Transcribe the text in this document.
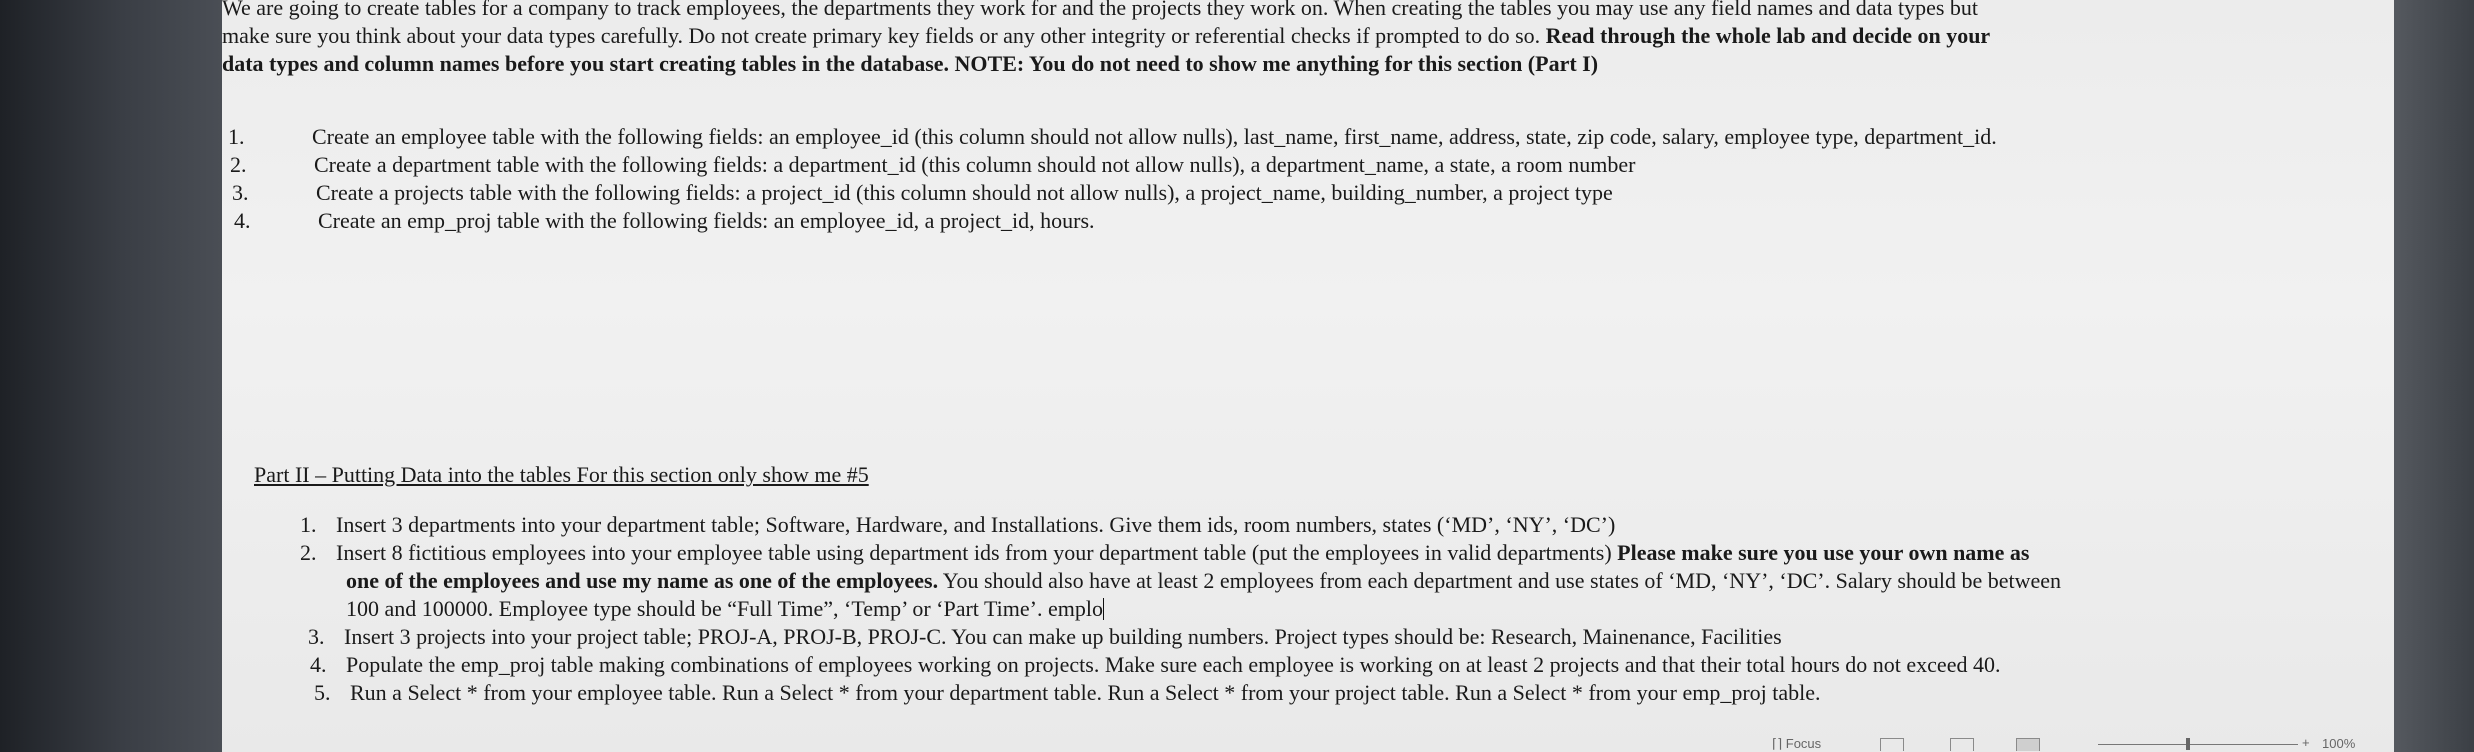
We are going to create tables for a company to track employees, the departments they work for and the projects they work on. When creating the tables you may use any field names and data types but
make sure you think about your data types carefully. Do not create primary key fields or any other integrity or referential checks if prompted to do so. Read through the whole lab and decide on your
data types and column names before you start creating tables in the database. NOTE: You do not need to show me anything for this section (Part I)
1.	Create an employee table with the following fields: an employee_id (this column should not allow nulls), last_name, first_name, address, state, zip code, salary, employee type, department_id.
2.	Create a department table with the following fields: a department_id (this column should not allow nulls), a department_name, a state, a room number
3.	Create a projects table with the following fields: a project_id (this column should not allow nulls), a project_name, building_number, a project type
4.	Create an emp_proj table with the following fields: an employee_id, a project_id, hours.
Part II – Putting Data into the tables For this section only show me #5
1. Insert 3 departments into your department table; Software, Hardware, and Installations. Give them ids, room numbers, states (‘MD’, ‘NY’, ‘DC’)
2. Insert 8 fictitious employees into your employee table using department ids from your department table (put the employees in valid departments) Please make sure you use your own name as
one of the employees and use my name as one of the employees. You should also have at least 2 employees from each department and use states of ‘MD, ‘NY’, ‘DC’. Salary should be between
100 and 100000. Employee type should be “Full Time”, ‘Temp’ or ‘Part Time’. emplo
3. Insert 3 projects into your project table; PROJ-A, PROJ-B, PROJ-C. You can make up building numbers. Project types should be: Research, Mainenance, Facilities
4. Populate the emp_proj table making combinations of employees working on projects. Make sure each employee is working on at least 2 projects and that their total hours do not exceed 40.
5. Run a Select * from your employee table. Run a Select * from your department table. Run a Select * from your project table. Run a Select * from your emp_proj table.
⌈⌉ Focus	+ 100%
